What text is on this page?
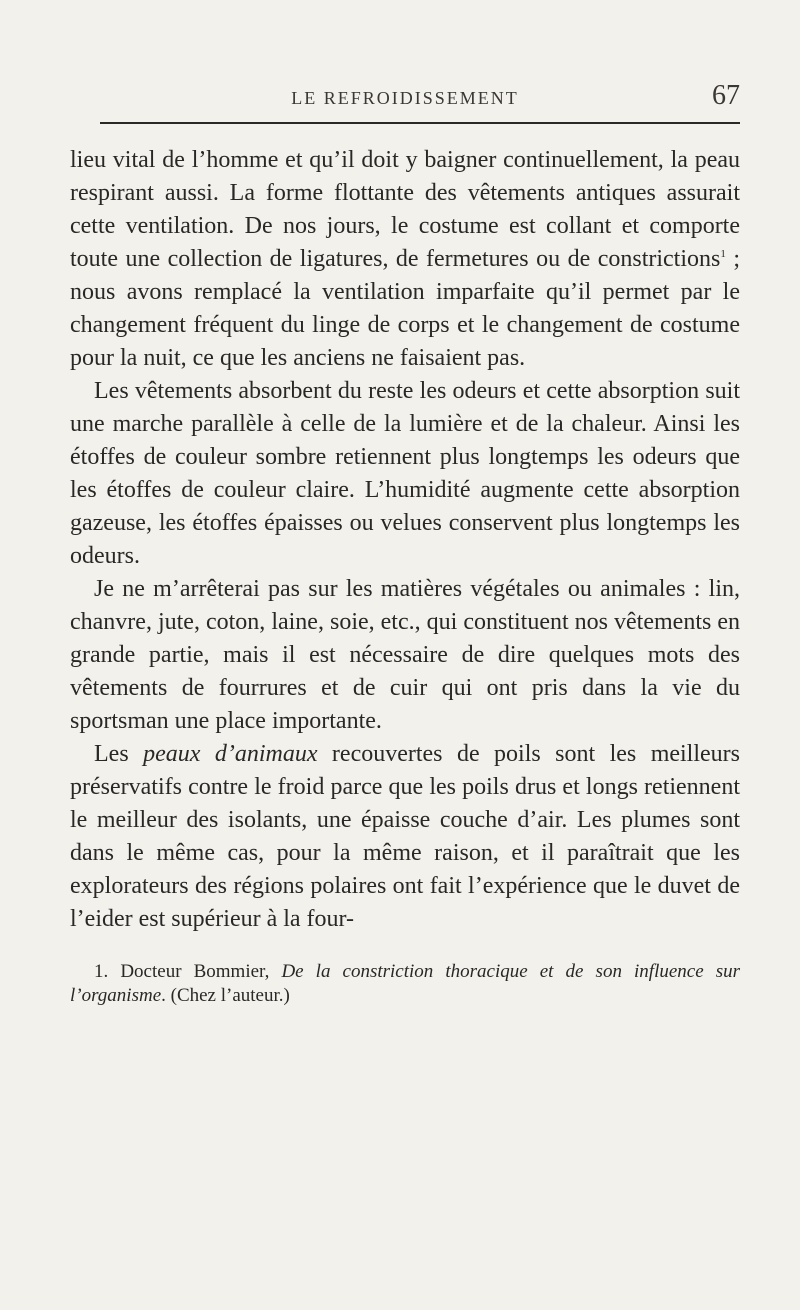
LE REFROIDISSEMENT	67

lieu vital de l’homme et qu’il doit y baigner continuellement, la peau respirant aussi. La forme flottante des vêtements antiques assurait cette ventilation. De nos jours, le costume est collant et comporte toute une collection de ligatures, de fermetures ou de constrictions$^1$ ; nous avons remplacé la ventilation imparfaite qu’il permet par le changement fréquent du linge de corps et le changement de costume pour la nuit, ce que les anciens ne faisaient pas.

Les vêtements absorbent du reste les odeurs et cette absorption suit une marche parallèle à celle de la lumière et de la chaleur. Ainsi les étoffes de couleur sombre retiennent plus longtemps les odeurs que les étoffes de couleur claire. L’humidité augmente cette absorption gazeuse, les étoffes épaisses ou velues conservent plus longtemps les odeurs.

Je ne m’arrêterai pas sur les matières végétales ou animales : lin, chanvre, jute, coton, laine, soie, etc., qui constituent nos vêtements en grande partie, mais il est nécessaire de dire quelques mots des vêtements de fourrures et de cuir qui ont pris dans la vie du sportsman une place importante.

Les peaux d’animaux recouvertes de poils sont les meilleurs préservatifs contre le froid parce que les poils drus et longs retiennent le meilleur des isolants, une épaisse couche d’air. Les plumes sont dans le même cas, pour la même raison, et il paraîtrait que les explorateurs des régions polaires ont fait l’expérience que le duvet de l’eider est supérieur à la four-

1. Docteur Bommier, De la constriction thoracique et de son influence sur l’organisme. (Chez l’auteur.)
